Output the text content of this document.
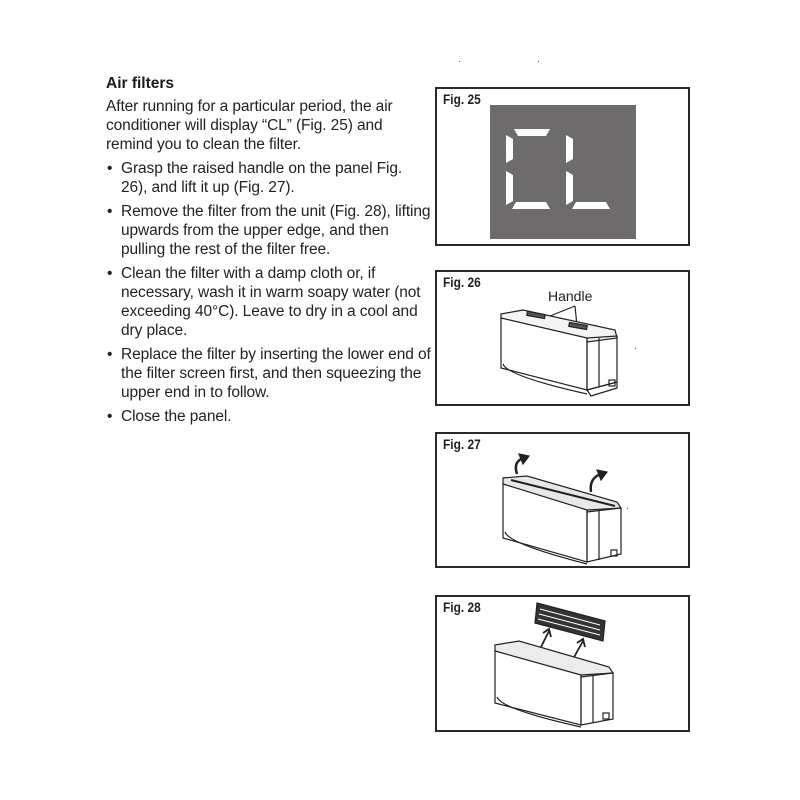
Air filters

After running for a particular period, the air conditioner will display “CL” (Fig. 25) and remind you to clean the filter.

• Grasp the raised handle on the panel Fig. 26), and lift it up (Fig. 27).
• Remove the filter from the unit (Fig. 28), lifting upwards from the upper edge, and then pulling the rest of the filter free.
• Clean the filter with a damp cloth or, if necessary, wash it in warm soapy water (not exceeding 40°C). Leave to dry in a cool and dry place.
• Replace the filter by inserting the lower end of the filter screen first, and then squeezing the upper end in to follow.
• Close the panel.
Fig. 25
Fig. 26
Handle
Fig. 27
Fig. 28
